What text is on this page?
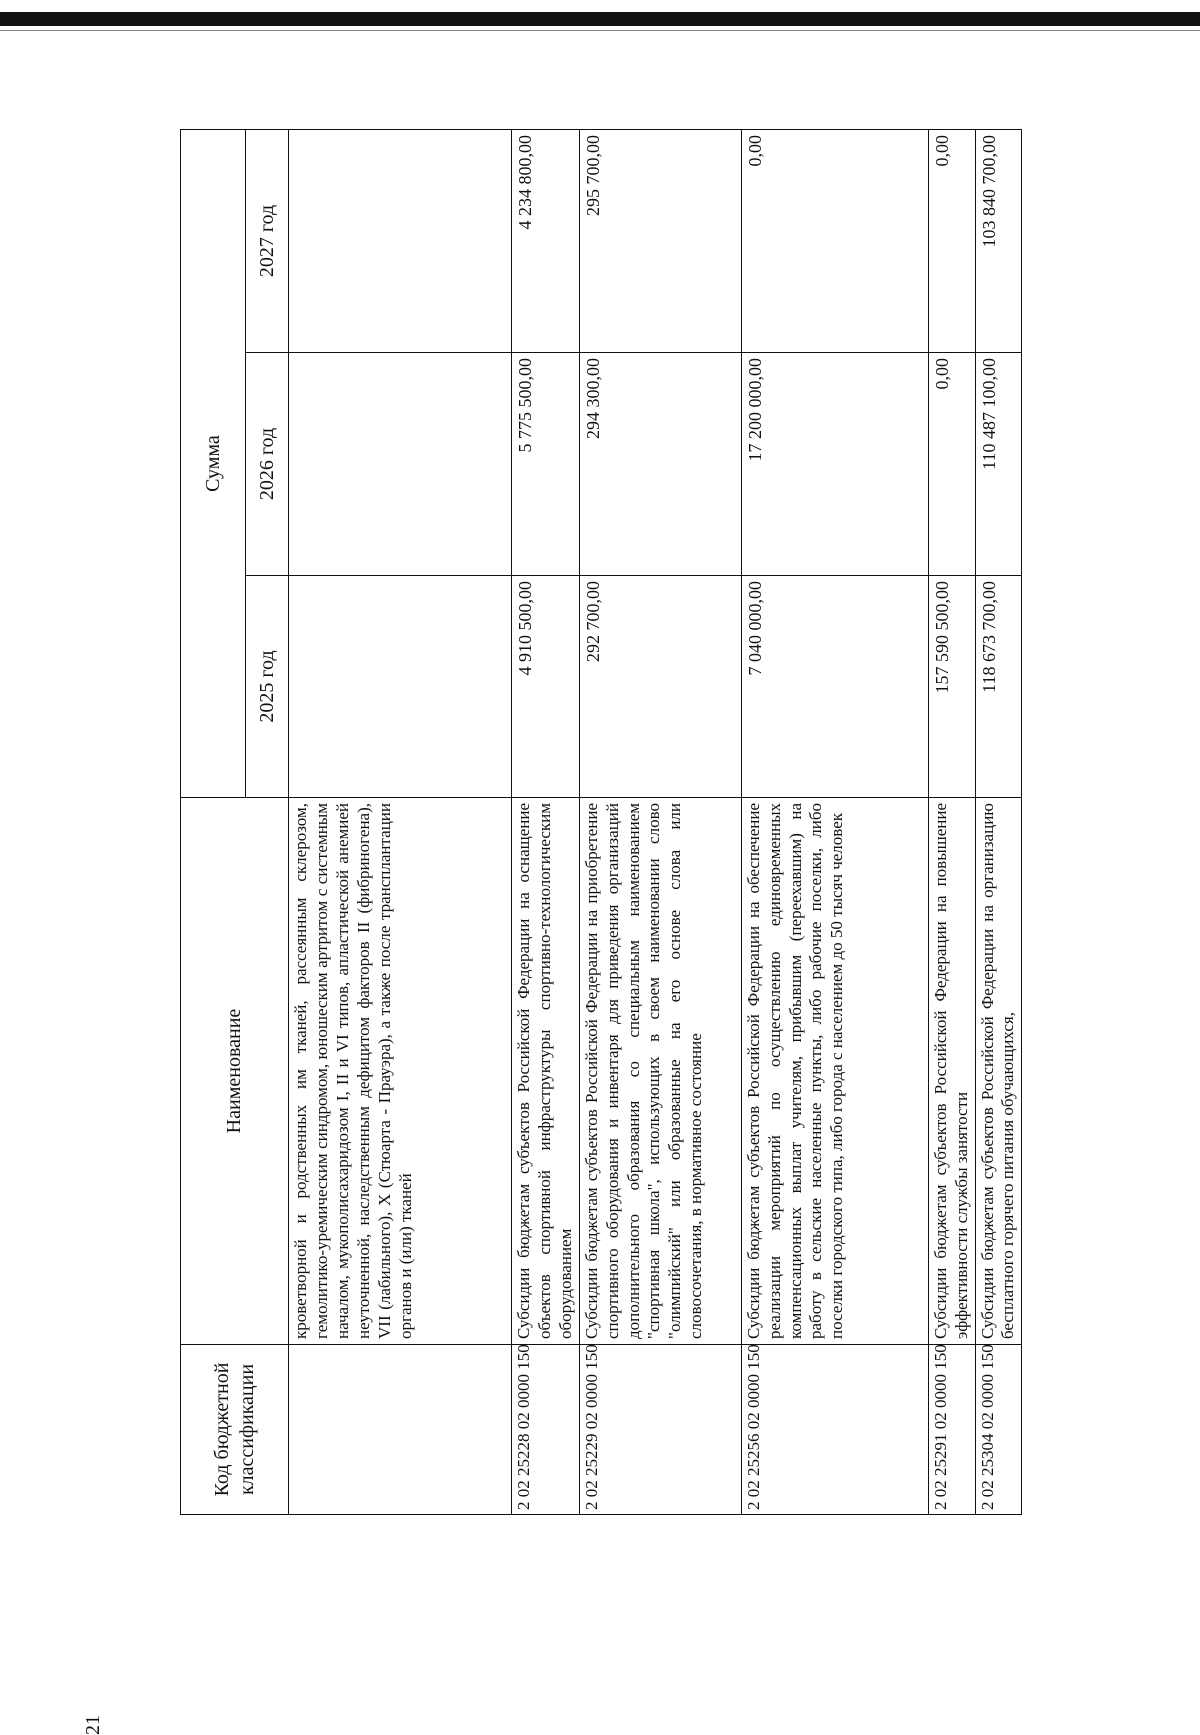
21
Код бюджетной классификации	Наименование	Сумма		
		2025 год	2026 год	2027 год
	кроветворной и родственных им тканей, рассеянным склерозом, гемолитико-уремическим синдромом, юношеским артритом с системным началом, мукополисахаридозом I, II и VI типов, апластической анемией неуточненной, наследственным дефицитом факторов II (фибриногена), VII (лабильного), X (Стюарта - Прауэра), а также после трансплантации органов и (или) тканей			
2 02 25228 02 0000 150	Субсидии бюджетам субъектов Российской Федерации на оснащение объектов спортивной инфраструктуры спортивно-технологическим оборудованием	4 910 500,00	5 775 500,00	4 234 800,00
2 02 25229 02 0000 150	Субсидии бюджетам субъектов Российской Федерации на приобретение спортивного оборудования и инвентаря для приведения организаций дополнительного образования со специальным наименованием "спортивная школа", использующих в своем наименовании слово "олимпийский" или образованные на его основе слова или словосочетания, в нормативное состояние	292 700,00	294 300,00	295 700,00
2 02 25256 02 0000 150	Субсидии бюджетам субъектов Российской Федерации на обеспечение реализации мероприятий по осуществлению единовременных компенсационных выплат учителям, прибывшим (переехавшим) на работу в сельские населенные пункты, либо рабочие поселки, либо поселки городского типа, либо города с населением до 50 тысяч человек	7 040 000,00	17 200 000,00	0,00
2 02 25291 02 0000 150	Субсидии бюджетам субъектов Российской Федерации на повышение эффективности службы занятости	157 590 500,00	0,00	0,00
2 02 25304 02 0000 150	Субсидии бюджетам субъектов Российской Федерации на организацию бесплатного горячего питания обучающихся,	118 673 700,00	110 487 100,00	103 840 700,00
